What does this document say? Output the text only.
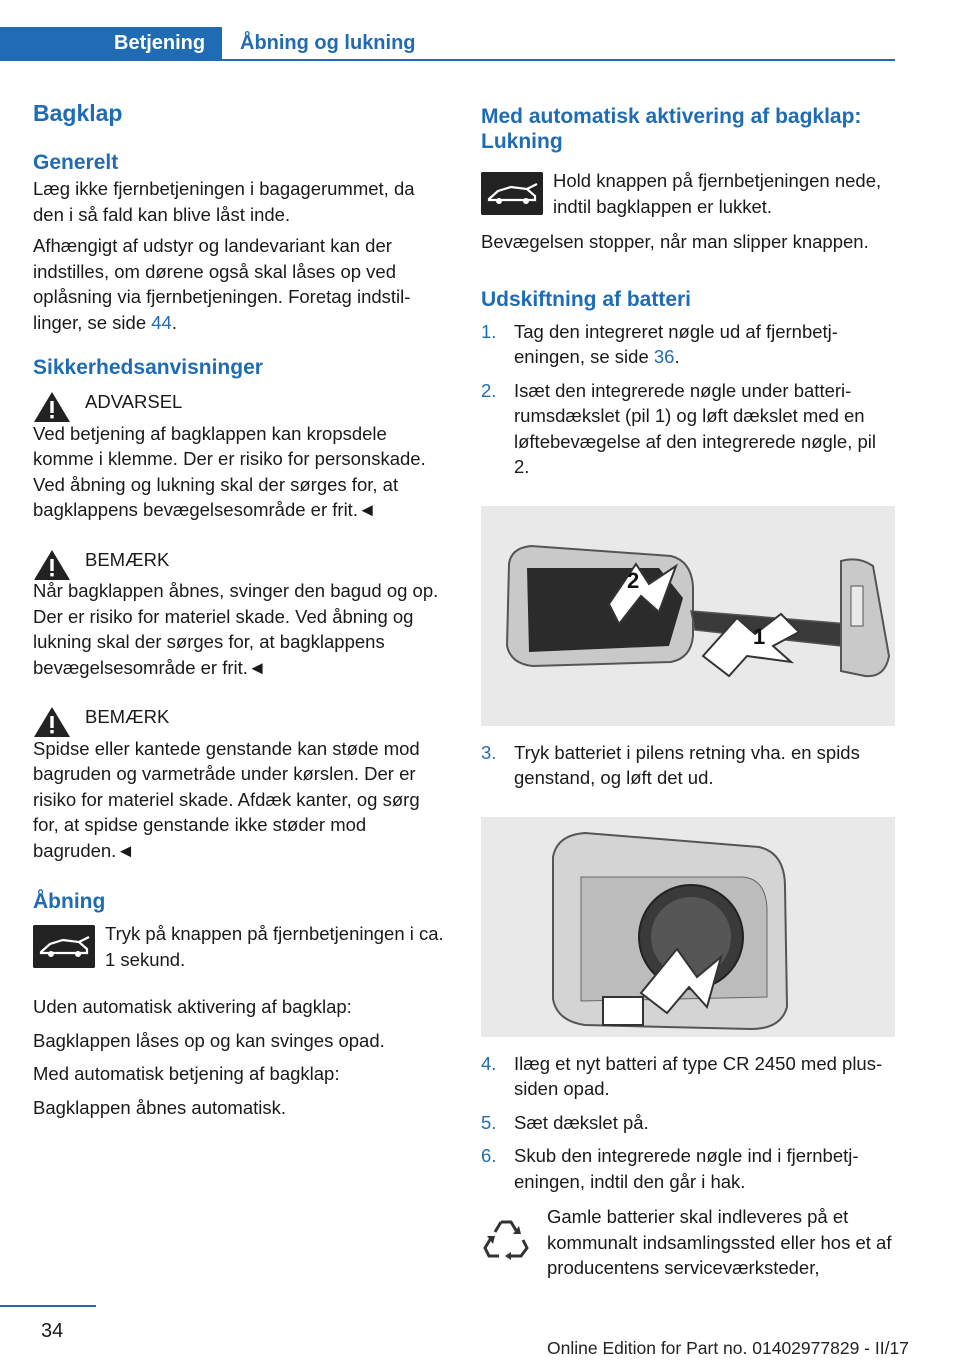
Betjening	Åbning og lukning
Bagklap
Generelt

Læg ikke fjernbetjeningen i bagagerummet, da den i så fald kan blive låst inde.

Afhængigt af udstyr og landevariant kan der indstilles, om dørene også skal låses op ved oplåsning via fjernbetjeningen. Foretag indstillinger, se side 44.

Sikkerhedsanvisninger

ADVARSEL

Ved betjening af bagklappen kan kropsdele komme i klemme. Der er risiko for personskade. Ved åbning og lukning skal der sørges for, at bagklappens bevægelsesområde er frit.◄

BEMÆRK

Når bagklappen åbnes, svinger den bagud og op. Der er risiko for materiel skade. Ved åbning og lukning skal der sørges for, at bagklappens bevægelsesområde er frit.◄

BEMÆRK

Spidse eller kantede genstande kan støde mod bagruden og varmetråde under kørslen. Der er risiko for materiel skade. Afdæk kanter, og sørg for, at spidse genstande ikke støder mod bagruden.◄

Åbning

Tryk på knappen på fjernbetjeningen i ca. 1 sekund.

Uden automatisk aktivering af bagklap:

Bagklappen låses op og kan svinges opad.

Med automatisk betjening af bagklap:

Bagklappen åbnes automatisk.

Med automatisk aktivering af bagklap: Lukning

Hold knappen på fjernbetjeningen nede, indtil bagklappen er lukket.

Bevægelsen stopper, når man slipper knappen.

Udskiftning af batteri
1. Tag den integreret nøgle ud af fjernbetjeningen, se side 36.
2. Isæt den integrerede nøgle under batterirumsdækslet (pil 1) og løft dækslet med en løftebevægelse af den integrerede nøgle, pil 2.
2
1
3. Tryk batteriet i pilens retning vha. en spids genstand, og løft det ud.
4. Ilæg et nyt batteri af type CR 2450 med plus-siden opad.
5. Sæt dækslet på.
6. Skub den integrerede nøgle ind i fjernbetjeningen, indtil den går i hak.

Gamle batterier skal indleveres på et kommunalt indsamlingssted eller hos et af producentens serviceværksteder,

34
Online Edition for Part no. 01402977829 - II/17
